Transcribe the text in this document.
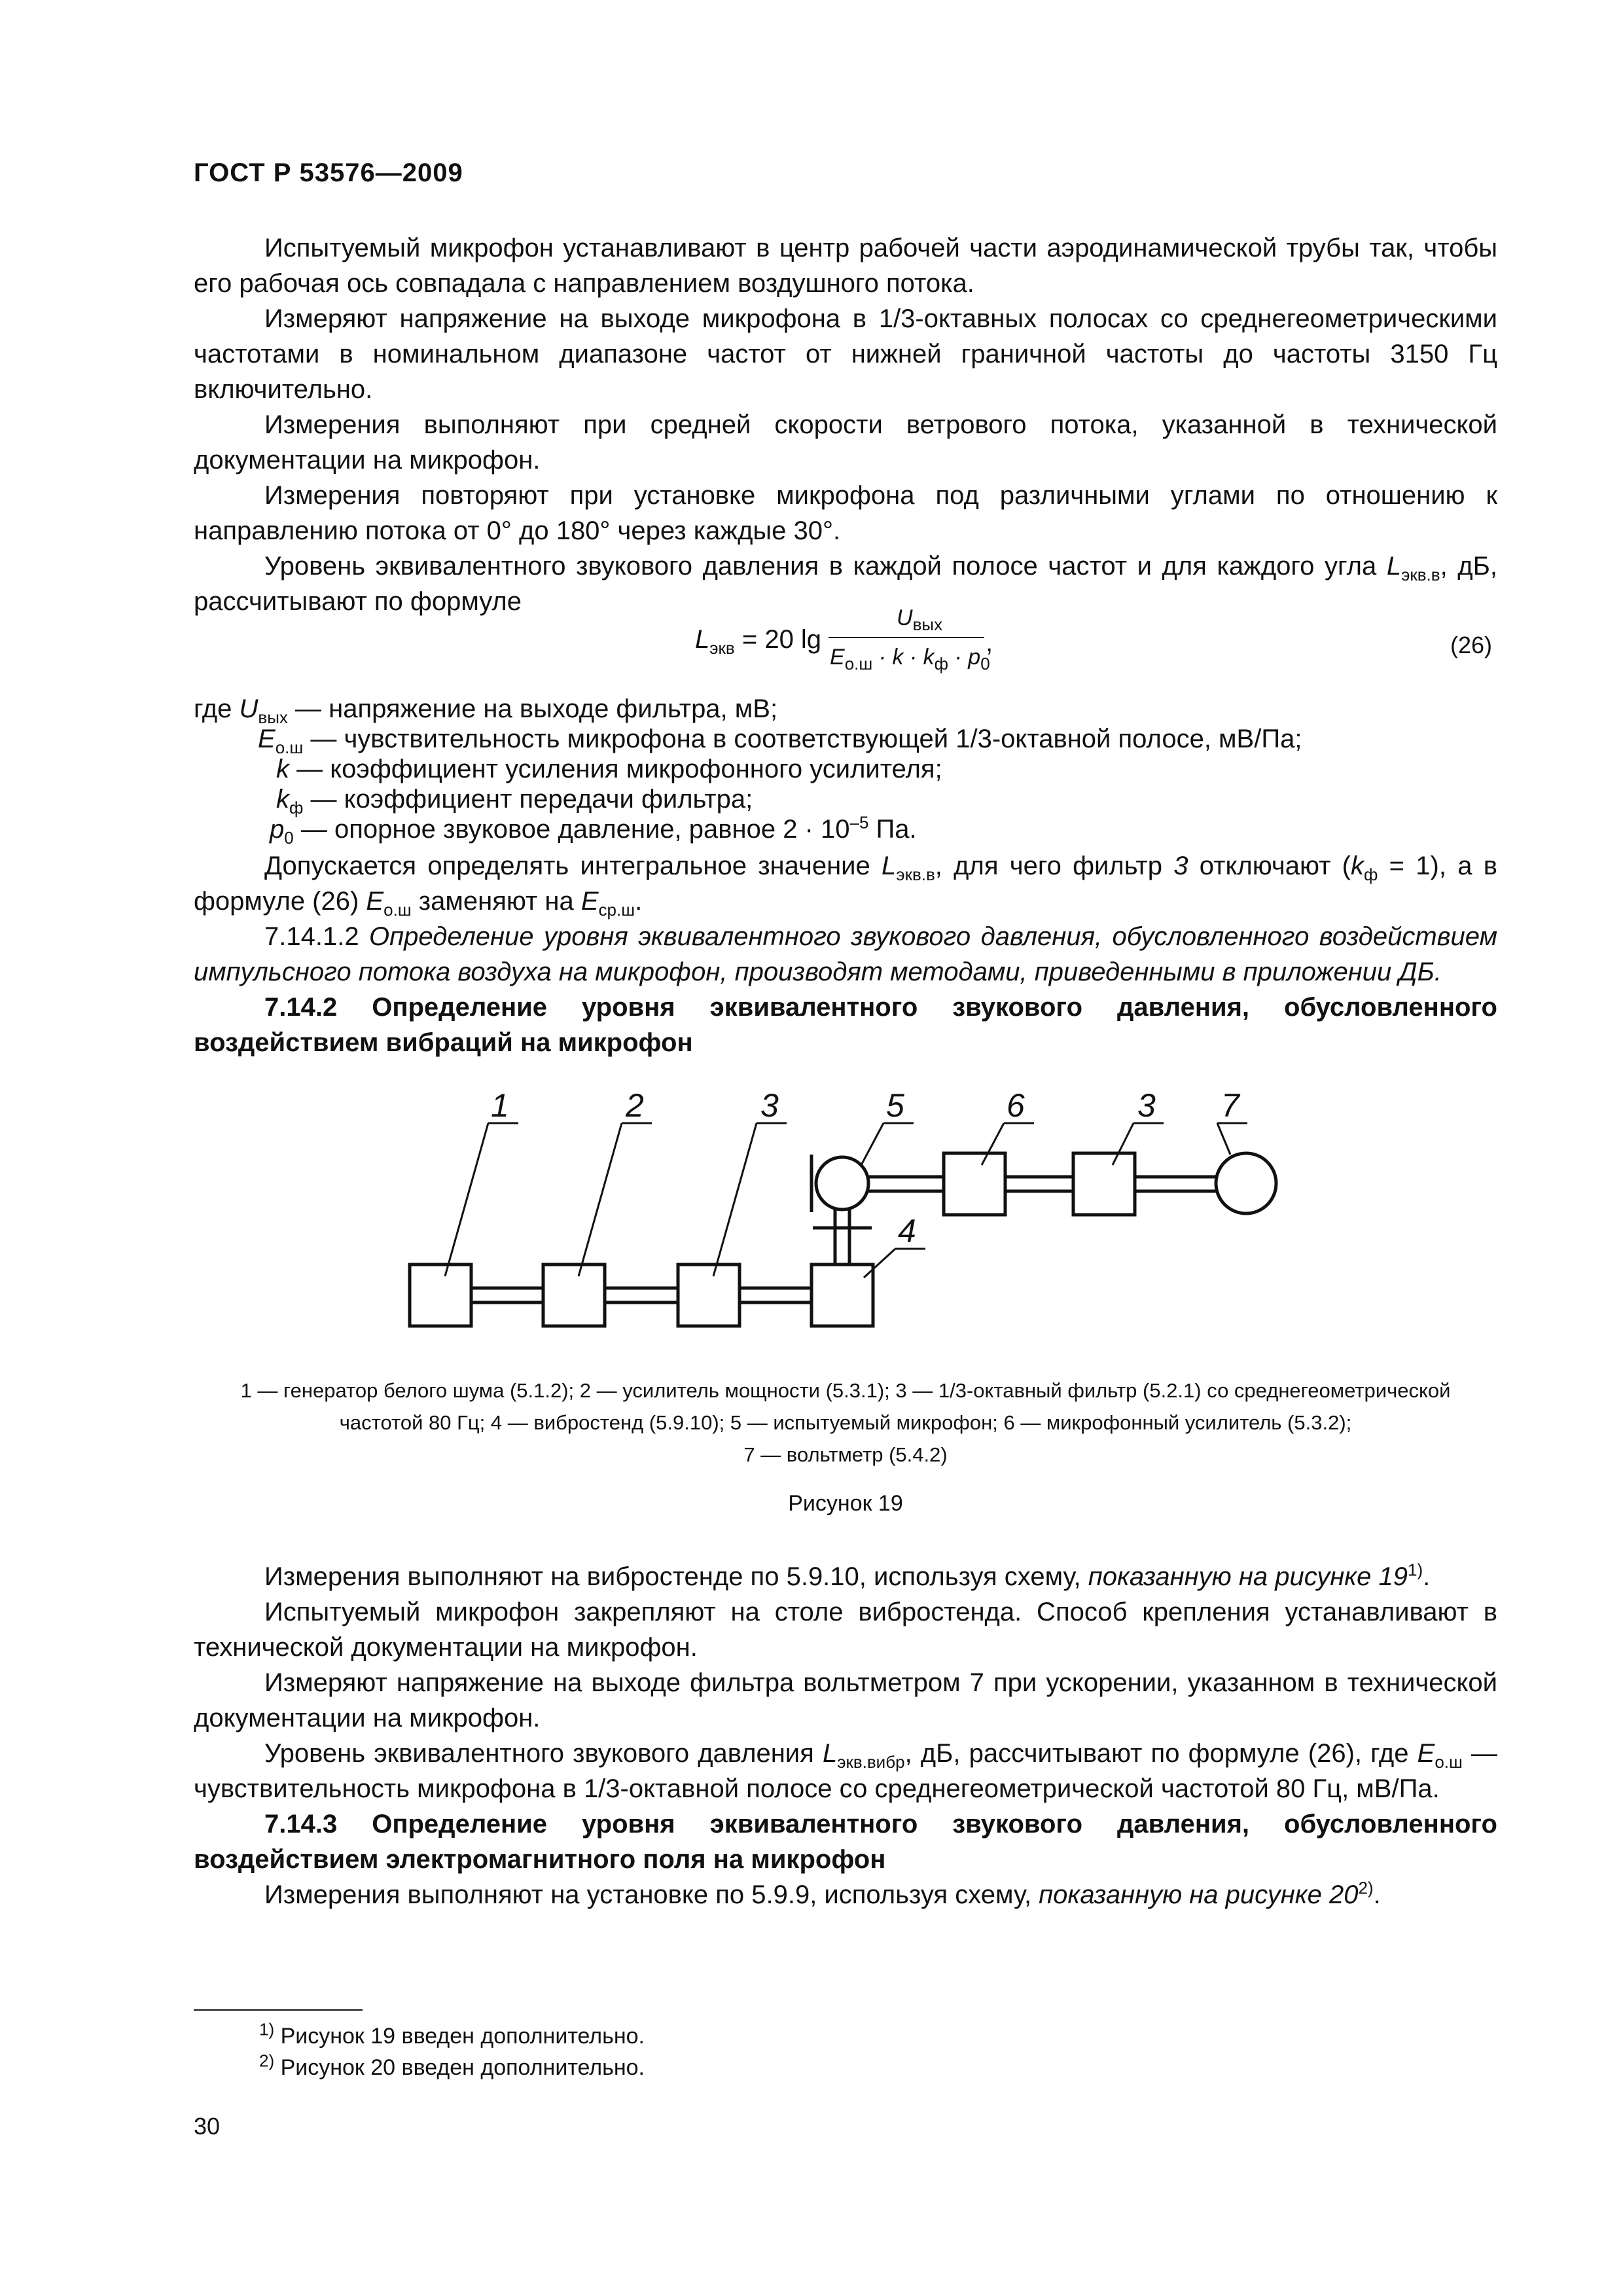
ГОСТ Р 53576—2009

Испытуемый микрофон устанавливают в центр рабочей части аэродинамической трубы так, чтобы его рабочая ось совпадала с направлением воздушного потока.

Измеряют напряжение на выходе микрофона в 1/3-октавных полосах со среднегеометрическими частотами в номинальном диапазоне частот от нижней граничной частоты до частоты 3150 Гц включительно.

Измерения выполняют при средней скорости ветрового потока, указанной в технической документации на микрофон.

Измерения повторяют при установке микрофона под различными углами по отношению к направлению потока от 0° до 180° через каждые 30°.

Уровень эквивалентного звукового давления в каждой полосе частот и для каждого угла $L_{экв.в}$, дБ, рассчитывают по формуле

$L_{экв} = 20$ lg
$U_{вых}$
$E_{о.ш} \cdot k \cdot k_ф \cdot p_0$
,	(26)
где $U_{вых}$ — напряжение на выходе фильтра, мВ;
$E_{о.ш}$ — чувствительность микрофона в соответствующей 1/3-октавной полосе, мВ/Па;
k — коэффициент усиления микрофонного усилителя;
$k_ф$ — коэффициент передачи фильтра;
$p_0$ — опорное звуковое давление, равное $2 \cdot 10^{-5}$ Па.

Допускается определять интегральное значение $L_{экв.в}$, для чего фильтр 3 отключают $(k_ф = 1)$, а в формуле (26) $E_{о.ш}$ заменяют на $E_{ср.ш}$.

7.14.1.2 Определение уровня эквивалентного звукового давления, обусловленного воздействием импульсного потока воздуха на микрофон, производят методами, приведенными в приложении ДБ.

7.14.2 Определение уровня эквивалентного звукового давления, обусловленного воздействием вибраций на микрофон

1	2	3	5	6	3 7
4
1 — генератор белого шума (5.1.2); 2 — усилитель мощности (5.3.1); 3 — 1/3-октавный фильтр (5.2.1) со среднегеометрической
частотой 80 Гц; 4 — вибростенд (5.9.10); 5 — испытуемый микрофон; 6 — микрофонный усилитель (5.3.2);
7 — вольтметр (5.4.2)
Рисунок 19

Измерения выполняют на вибростенде по 5.9.10, используя схему, показанную на рисунке 19$^{1)}$.

Испытуемый микрофон закрепляют на столе вибростенда. Способ крепления устанавливают в технической документации на микрофон.

Измеряют напряжение на выходе фильтра вольтметром 7 при ускорении, указанном в технической документации на микрофон.

Уровень эквивалентного звукового давления $L_{экв.вибр}$, дБ, рассчитывают по формуле (26), где $E_{о.ш}$ — чувствительность микрофона в 1/3-октавной полосе со среднегеометрической частотой 80 Гц, мВ/Па.

7.14.3 Определение уровня эквивалентного звукового давления, обусловленного воздействием электромагнитного поля на микрофон

Измерения выполняют на установке по 5.9.9, используя схему, показанную на рисунке 20$^{2)}$.

$^{1)}$ Рисунок 19 введен дополнительно.
$^{2)}$ Рисунок 20 введен дополнительно.
30
